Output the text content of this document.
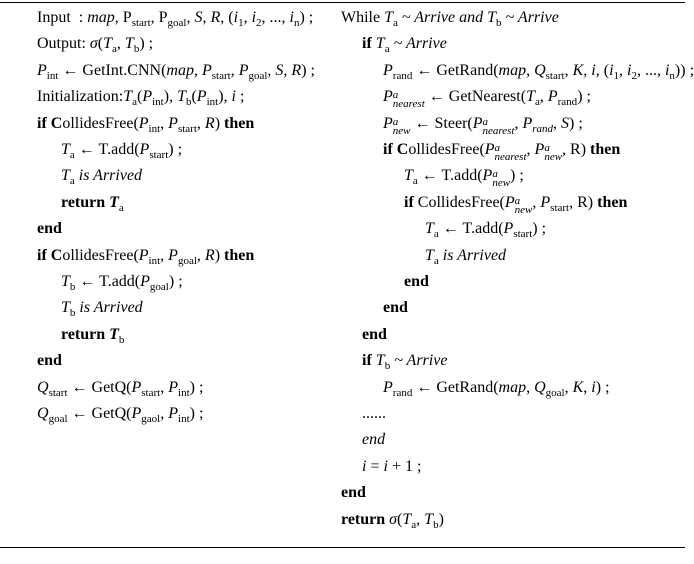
Input  : map, $P_{start}$, $P_{goal}$, S, R, ($i_1$, $i_2$, ..., $i_n$) ;
Output: $\sigma(T_a$, $T_b$) ;
$P_{int}$ ← GetInt.CNN(map, $P_{start}$, $P_{goal}$, S, R) ;
$Initialization:T_a(P_{int})$, $T_b(P_{int})$, i ;
if $CollidesFree(P_{int}$, $P_{start}$, R) then
$T_a$ ← $T.add(P_{start})$ ;
$T_a$ is Arrived
return $T_a$
end
if $CollidesFree(P_{int}$, $P_{goal}$, R) then
$T_b$ ← $T.add(P_{goal})$ ;
$T_b$ is Arrived
return $T_b$
end
$Q_{start}$ ← $GetQ(P_{start}$, $P_{int}$) ;
$Q_{goal}$ ← $GetQ(P_{gaol}$, $P_{int}$) ;
While $T_a$ ~ Arrive and $T_b$ ~ Arrive
if $T_a$ ~ Arrive
$P_{rand}$ ← GetRand(map, $Q_{start}$, K, i, ($i_1$, $i_2$, ..., $i_n$)) ;
P a
nearest ← $GetNearest(T_a$, $P_{rand}$) ;
P a
new ← Steer(P a
nearest , $P_{rand}$, S) ;
if CollidesFree(P a
nearest , P a
new , R) then
$T_a$ ← T.add(P a
new ) ;
if CollidesFree(P a
new , $P_{start}$, R) then
$T_a$ ← $T.add(P_{start})$ ;
$T_a$ is Arrived
end
end
end
if $T_b$ ~ Arrive
$P_{rand}$ ← GetRand(map, $Q_{goal}$, K, i) ;
......
end
i = i + 1 ;
end
return $\sigma(T_a$, $T_b$)
